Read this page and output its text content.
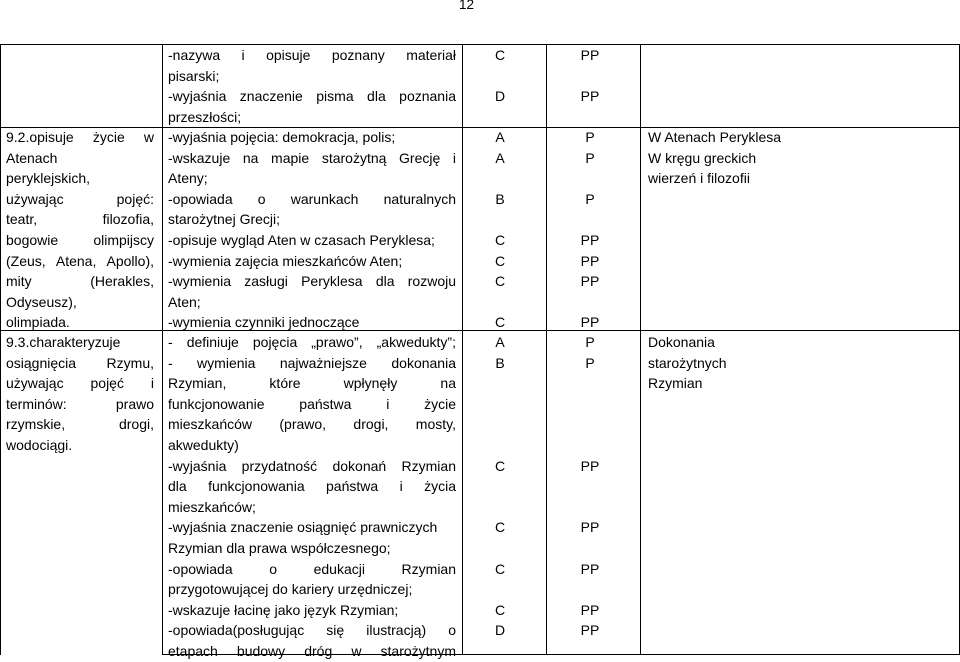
12
9.2.opisuje życie w
Atenach
peryklejskich,
używając pojęć:
teatr, filozofia,
bogowie olimpijscy
(Zeus, Atena, Apollo),
mity (Herakles,
Odyseusz),
olimpiada.
9.3.charakteryzuje
osiągnięcia Rzymu,
używając pojęć i
terminów: prawo
rzymskie, drogi,
wodociągi.
-nazywa i opisuje poznany materiał
pisarski;
-wyjaśnia znaczenie pisma dla poznania
przeszłości;
-wyjaśnia pojęcia: demokracja, polis;
-wskazuje na mapie starożytną Grecję i
Ateny;
-opowiada o warunkach naturalnych
starożytnej Grecji;
-opisuje wygląd Aten w czasach Peryklesa;
-wymienia zajęcia mieszkańców Aten;
-wymienia zasługi Peryklesa dla rozwoju
Aten;
-wymienia czynniki jednoczące
- definiuje pojęcia „prawo”, „akwedukty”;
- wymienia najważniejsze dokonania
Rzymian, które wpłynęły na
funkcjonowanie państwa i życie
mieszkańców (prawo, drogi, mosty,
akwedukty)
-wyjaśnia przydatność dokonań Rzymian
dla funkcjonowania państwa i życia
mieszkańców;
-wyjaśnia znaczenie osiągnięć prawniczych
Rzymian dla prawa współczesnego;
-opowiada o edukacji Rzymian
przygotowującej do kariery urzędniczej;
-wskazuje łacinę jako język Rzymian;
-opowiada(posługując się ilustracją) o
etapach budowy dróg w starożytnym
C
D
A
A
B
C
C
C
C
A
B
C
C
C
C
D
PP
PP
P
P
P
PP
PP
PP
PP
P
P
PP
PP
PP
PP
PP
W Atenach Peryklesa
W kręgu greckich
wierzeń i filozofii
Dokonania
starożytnych
Rzymian
